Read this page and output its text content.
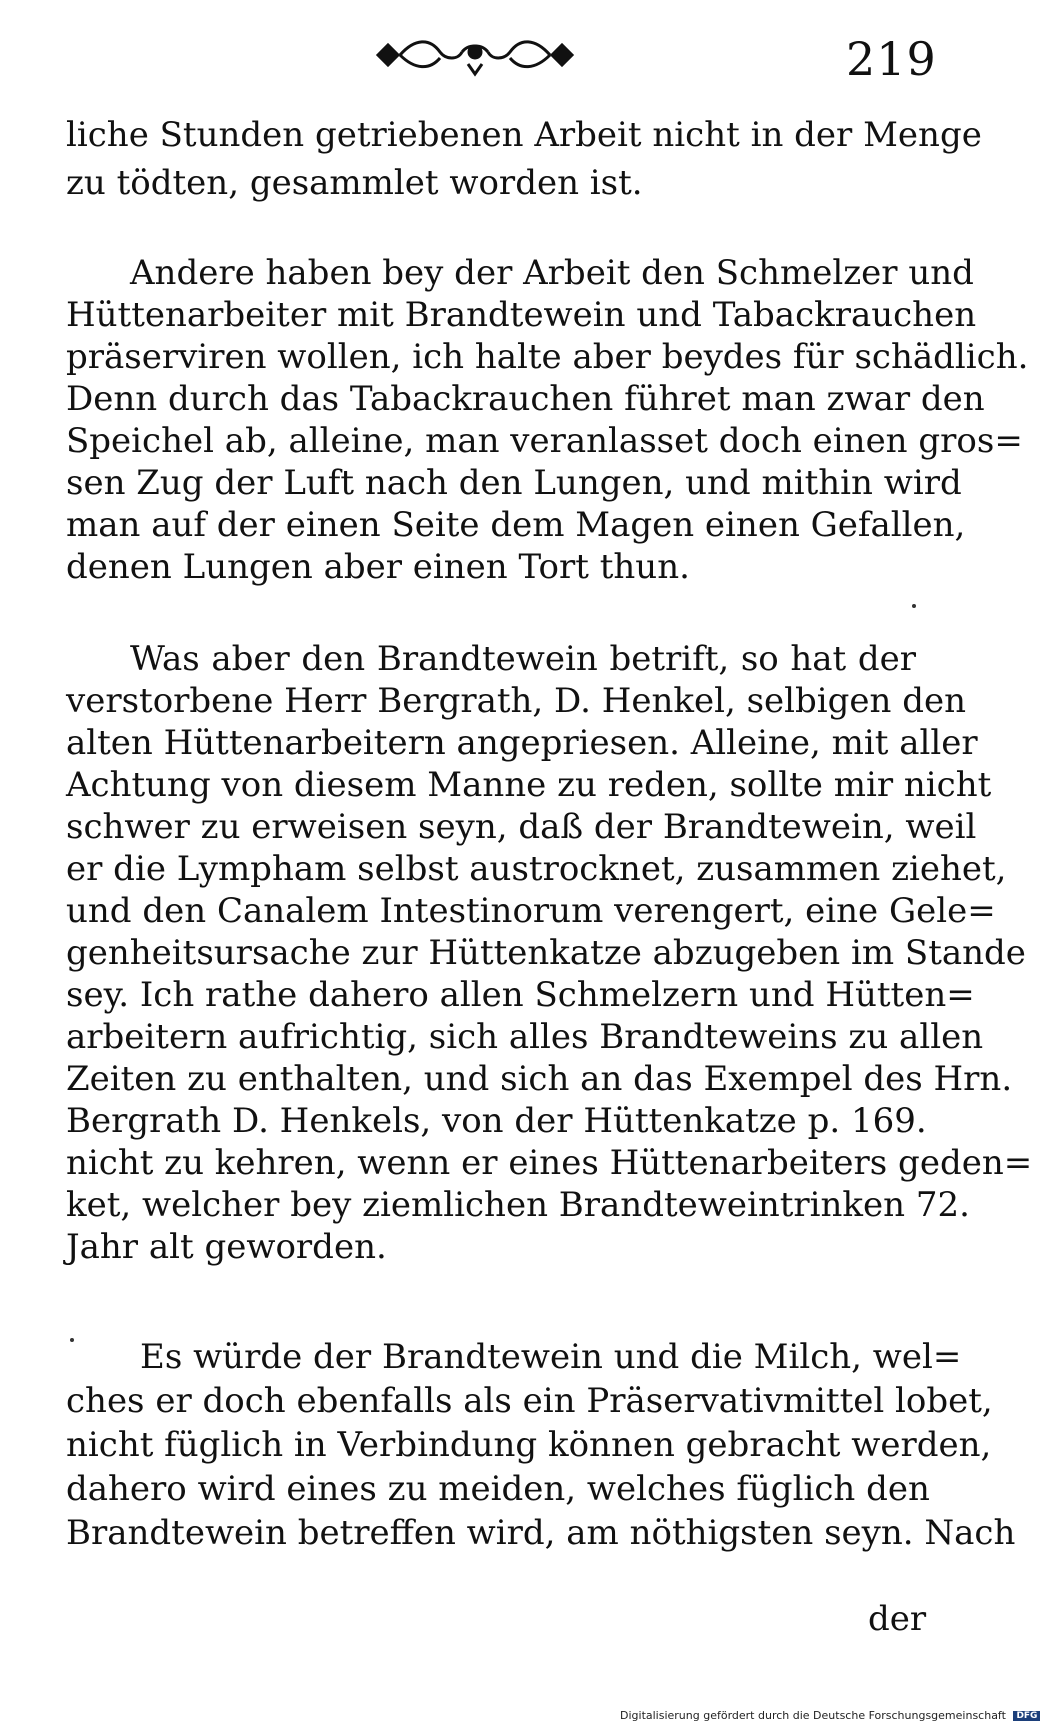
219

liche Stunden getriebenen Arbeit nicht in der Menge

zu tödten, gesammlet worden ist.

Andere haben bey der Arbeit den Schmelzer und

Hüttenarbeiter mit Brandtewein und Tabackrauchen

präserviren wollen, ich halte aber beydes für schädlich.

Denn durch das Tabackrauchen führet man zwar den

Speichel ab, alleine, man veranlasset doch einen gros=

sen Zug der Luft nach den Lungen, und mithin wird

man auf der einen Seite dem Magen einen Gefallen,

denen Lungen aber einen Tort thun.

Was aber den Brandtewein betrift, so hat der

verstorbene Herr Bergrath, D. Henkel, selbigen den

alten Hüttenarbeitern angepriesen. Alleine, mit aller

Achtung von diesem Manne zu reden, sollte mir nicht

schwer zu erweisen seyn, daß der Brandtewein, weil

er die Lympham selbst austrocknet, zusammen ziehet,

und den Canalem Intestinorum verengert, eine Gele=

genheitsursache zur Hüttenkatze abzugeben im Stande

sey. Ich rathe dahero allen Schmelzern und Hütten=

arbeitern aufrichtig, sich alles Brandteweins zu allen

Zeiten zu enthalten, und sich an das Exempel des Hrn.

Bergrath D. Henkels, von der Hüttenkatze p. 169.

nicht zu kehren, wenn er eines Hüttenarbeiters geden=

ket, welcher bey ziemlichen Brandteweintrinken 72.

Jahr alt geworden.

Es würde der Brandtewein und die Milch, wel=

ches er doch ebenfalls als ein Präservativmittel lobet,

nicht füglich in Verbindung können gebracht werden,

dahero wird eines zu meiden, welches füglich den

Brandtewein betreffen wird, am nöthigsten seyn. Nach

der
Digitalisierung gefördert durch die Deutsche Forschungsgemeinschaft DFG
